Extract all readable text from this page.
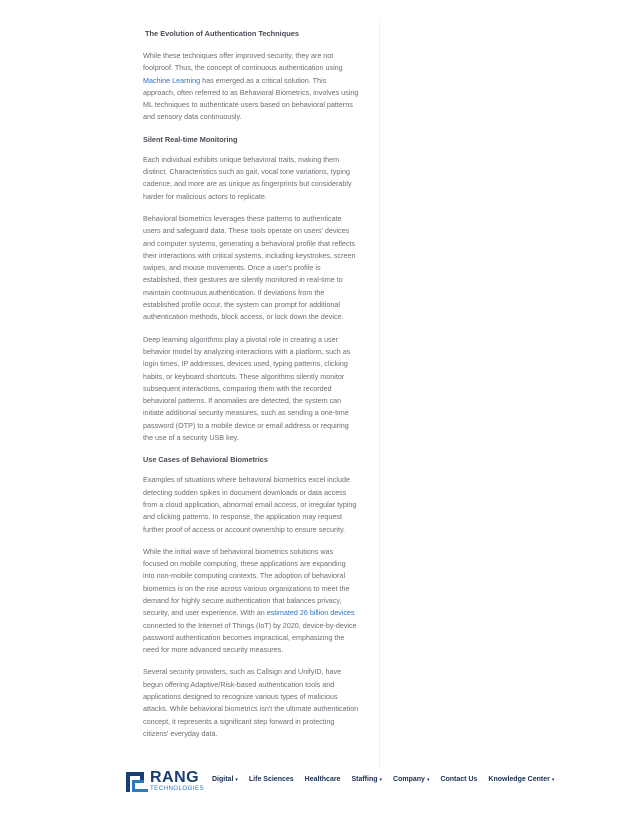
The Evolution of Authentication Techniques

While these techniques offer improved security, they are not foolproof. Thus, the concept of continuous authentication using Machine Learning has emerged as a critical solution. This approach, often referred to as Behavioral Biometrics, involves using ML techniques to authenticate users based on behavioral patterns and sensory data continuously.

Silent Real-time Monitoring

Each individual exhibits unique behavioral traits, making them distinct. Characteristics such as gait, vocal tone variations, typing cadence, and more are as unique as fingerprints but considerably harder for malicious actors to replicate.

Behavioral biometrics leverages these patterns to authenticate users and safeguard data. These tools operate on users' devices and computer systems, generating a behavioral profile that reflects their interactions with critical systems, including keystrokes, screen swipes, and mouse movements. Once a user's profile is established, their gestures are silently monitored in real-time to maintain continuous authentication. If deviations from the established profile occur, the system can prompt for additional authentication methods, block access, or lock down the device.

Deep learning algorithms play a pivotal role in creating a user behavior model by analyzing interactions with a platform, such as login times, IP addresses, devices used, typing patterns, clicking habits, or keyboard shortcuts. These algorithms silently monitor subsequent interactions, comparing them with the recorded behavioral patterns. If anomalies are detected, the system can initiate additional security measures, such as sending a one-time password (OTP) to a mobile device or email address or requiring the use of a security USB key.

Use Cases of Behavioral Biometrics

Examples of situations where behavioral biometrics excel include detecting sudden spikes in document downloads or data access from a cloud application, abnormal email access, or irregular typing and clicking patterns. In response, the application may request further proof of access or account ownership to ensure security.

While the initial wave of behavioral biometrics solutions was focused on mobile computing, these applications are expanding into non-mobile computing contexts. The adoption of behavioral biometrics is on the rise across various organizations to meet the demand for highly secure authentication that balances privacy, security, and user experience. With an estimated 26 billion devices connected to the Internet of Things (IoT) by 2020, device-by-device password authentication becomes impractical, emphasizing the need for more advanced security measures.

Several security providers, such as Callsign and UnifyID, have begun offering Adaptive/Risk-based authentication tools and applications designed to recognize various types of malicious attacks. While behavioral biometrics isn't the ultimate authentication concept, it represents a significant step forward in protecting citizens' everyday data.

RANG
TECHNOLOGIES
Digital ▾ Life Sciences Healthcare Staffing ▾ Company ▾ Contact Us Knowledge Center ▾
